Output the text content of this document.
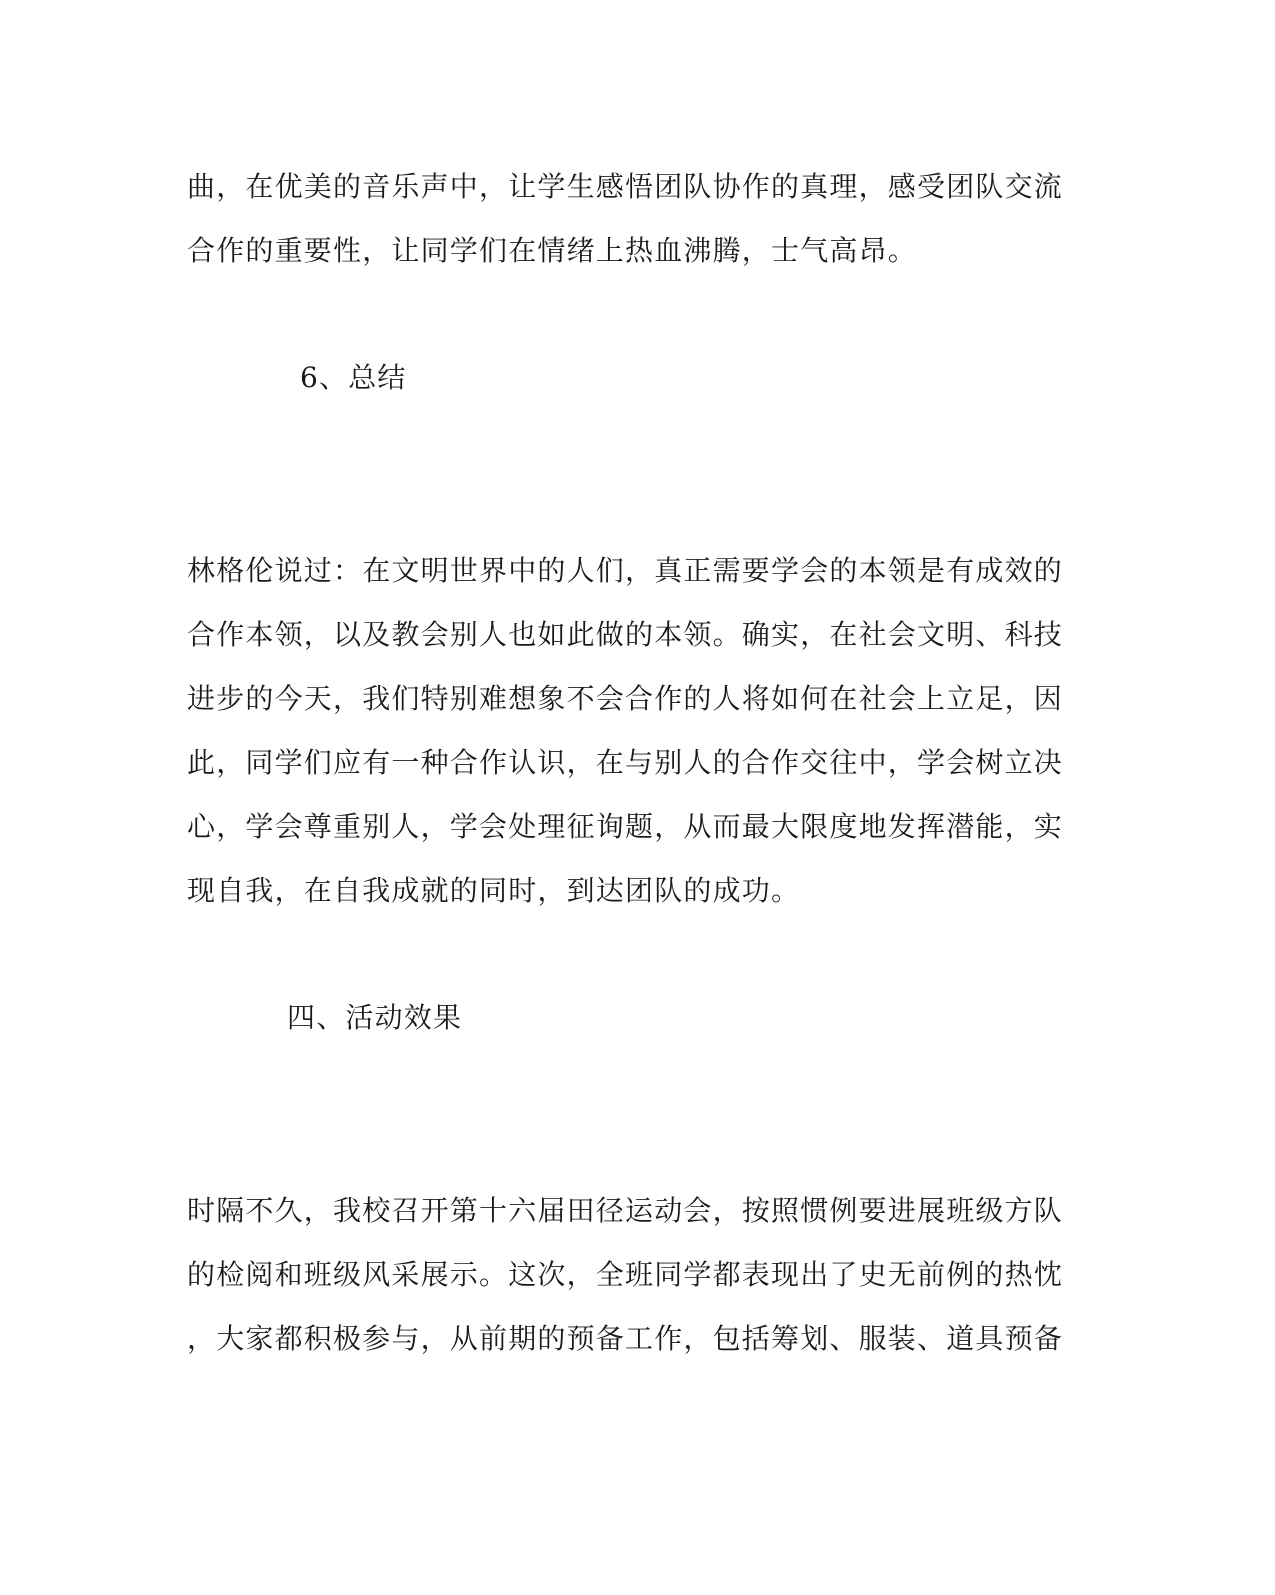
曲，在优美的音乐声中，让学生感悟团队协作的真理，感受团队交流
合作的重要性，让同学们在情绪上热血沸腾，士气高昂。
6、总结
林格伦说过：在文明世界中的人们，真正需要学会的本领是有成效的
合作本领，以及教会别人也如此做的本领。确实，在社会文明、科技
进步的今天，我们特别难想象不会合作的人将如何在社会上立足，因
此，同学们应有一种合作认识，在与别人的合作交往中，学会树立决
心，学会尊重别人，学会处理征询题，从而最大限度地发挥潜能，实
现自我，在自我成就的同时，到达团队的成功。
四、活动效果
时隔不久，我校召开第十六届田径运动会，按照惯例要进展班级方队
的检阅和班级风采展示。这次，全班同学都表现出了史无前例的热忱
，大家都积极参与，从前期的预备工作，包括筹划、服装、道具预备
